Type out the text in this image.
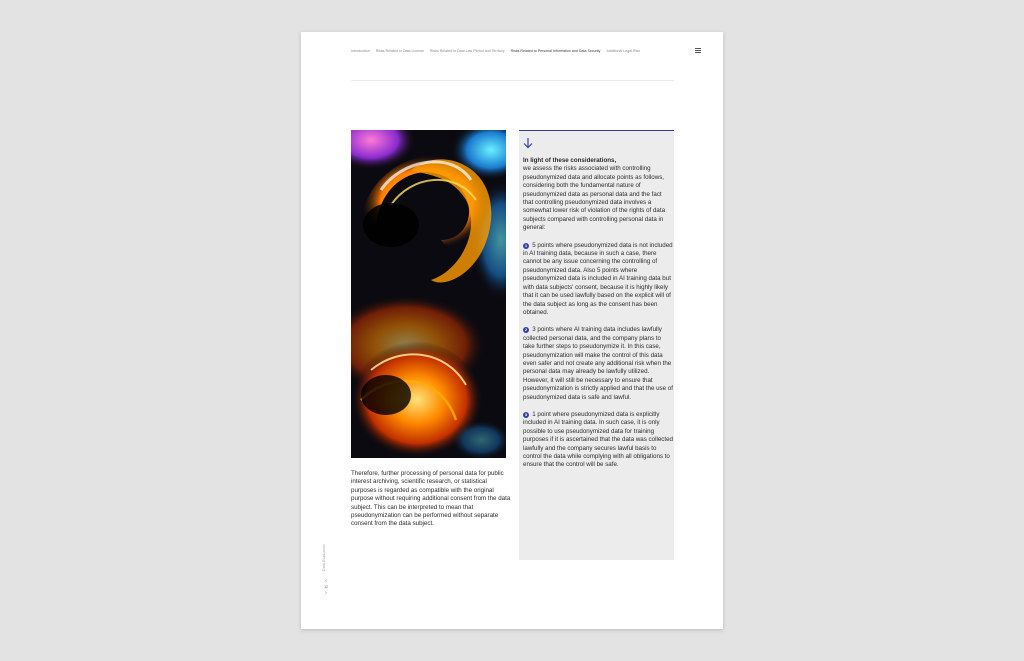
Introduction Risks Related to Data License Risks Related to Data Law Period and Territory Risks Related to Personal Information and Data Security Additional Legal Risk
Therefore, further processing of personal data for public interest archiving, scientific research, or statistical purposes is regarded as compatible with the original purpose without requiring additional consent from the data subject. This can be interpreted to mean that pseudonymization can be performed without separate consent from the data subject.
Data Evaluation
‹
12
›

In light of these considerations,
we assess the risks associated with controlling pseudonymized data and allocate points as follows, considering both the fundamental nature of pseudonymized data as personal data and the fact that controlling pseudonymized data involves a somewhat lower risk of violation of the rights of data subjects compared with controlling personal data in general:

1 5 points where pseudonymized data is not included in AI training data, because in such a case, there cannot be any issue concerning the controlling of pseudonymized data. Also 5 points where pseudonymized data is included in AI training data but with data subjects' consent, because it is highly likely that it can be used lawfully based on the explicit will of the data subject as long as the consent has been obtained.

2 3 points where AI training data includes lawfully collected personal data, and the company plans to take further steps to pseudonymize it. In this case, pseudonymization will make the control of this data even safer and not create any additional risk when the personal data may already be lawfully utilized. However, it will still be necessary to ensure that pseudonymization is strictly applied and that the use of pseudonymized data is safe and lawful.

3 1 point where pseudonymized data is explicitly included in AI training data. In such case, it is only possible to use pseudonymized data for training purposes if it is ascertained that the data was collected lawfully and the company secures lawful basis to control the data while complying with all obligations to ensure that the control will be safe.
